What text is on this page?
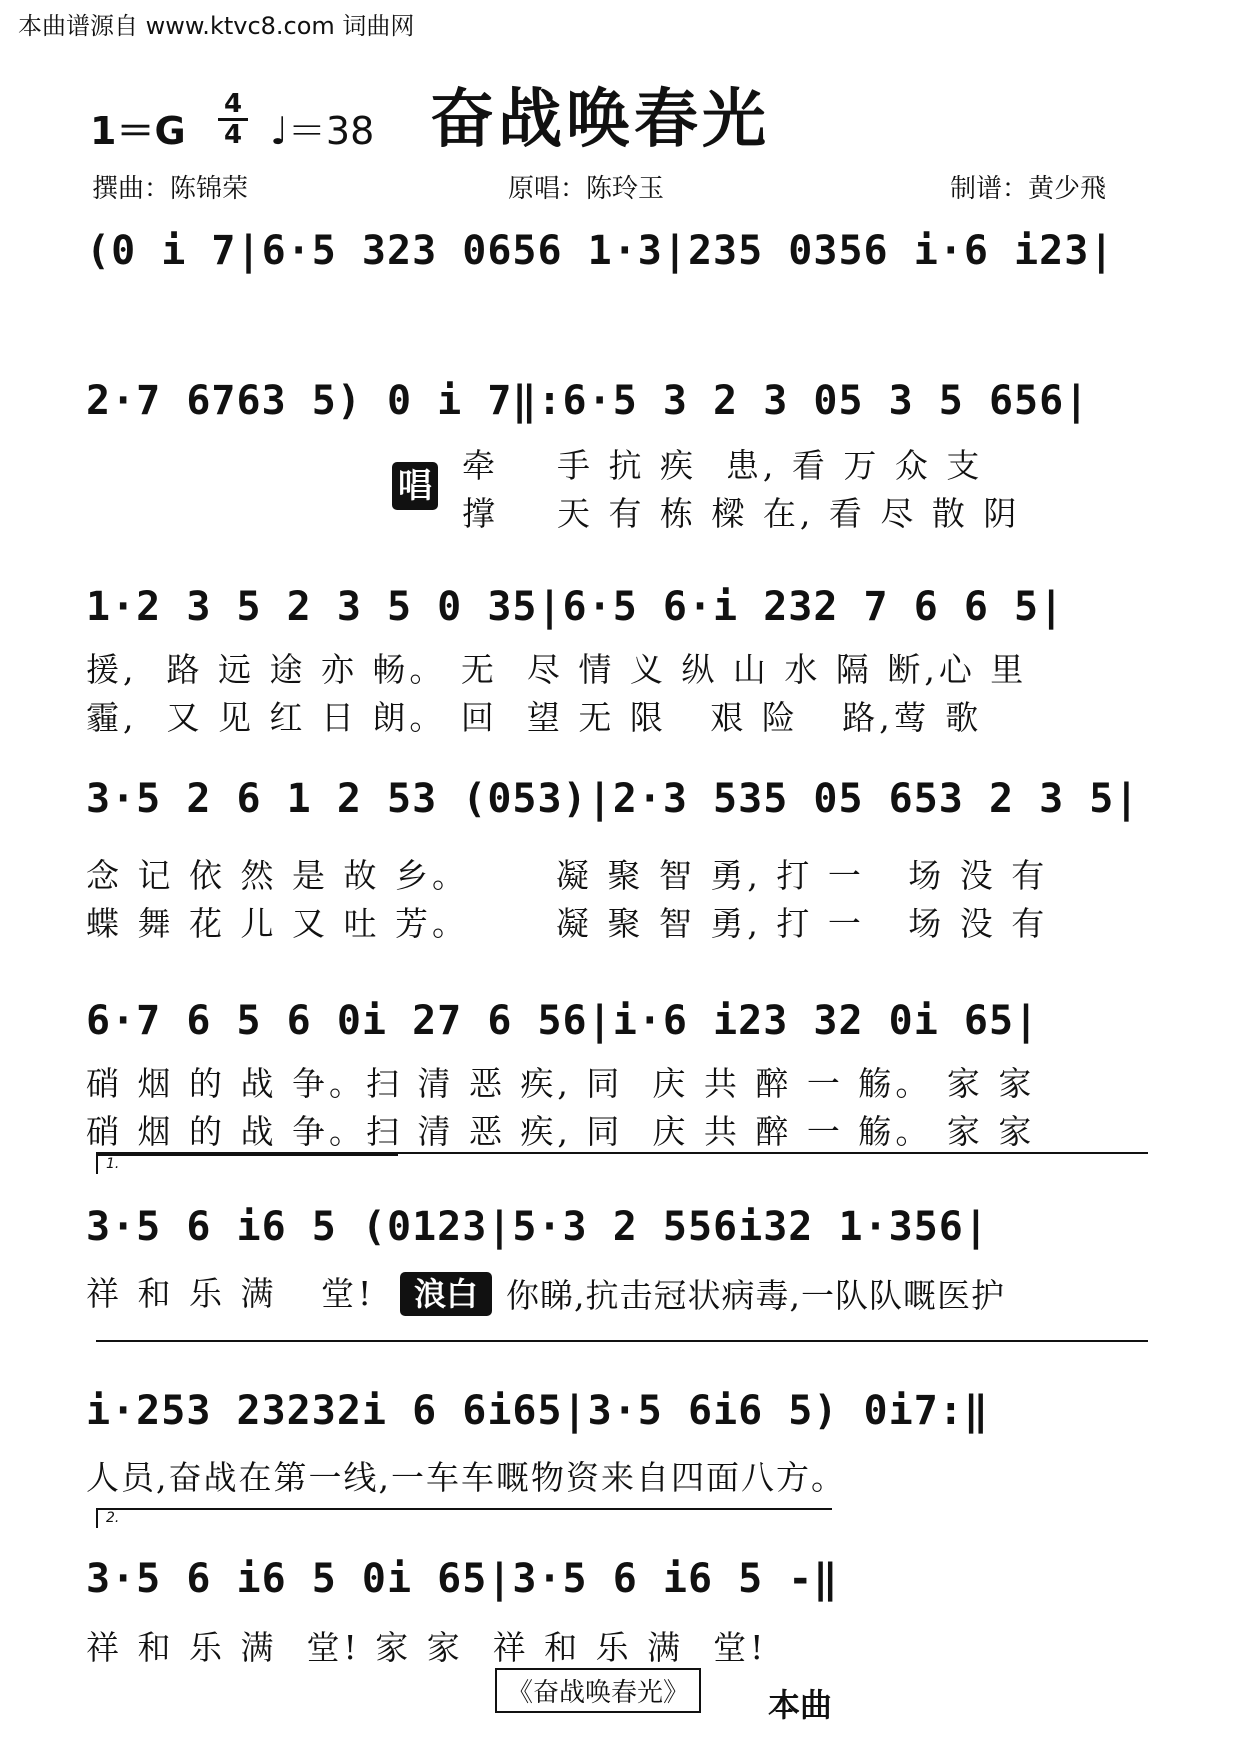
本曲谱源自 www.ktvc8.com 词曲网
1＝G
4
4 ♩＝38 奋战唤春光
撰曲：陈锦荣	原唱：陈玲玉	制谱：黄少飛
(0 i 7|6·5 323 0656 1·3|235 0356 i·6 i23|
2·7 6763 5) 0 i 7‖:6·5 3 2 3 05 3 5 656|
唱
牵    手 抗 疾  患, 看 万 众 支
撑    天 有 栋 樑 在, 看 尽 散 阴
1·2 3 5 2 3 5 0 35|6·5 6·i 232 7 6 6 5|
援,  路 远 途 亦 畅。 无  尽 情 义 纵 山 水 隔 断,心 里
霾,  又 见 红 日 朗。 回  望 无 限   艰 险   路,莺 歌
3·5 2 6 1 2 53 (053)|2·3 535 05 653 2 3 5|
念 记 依 然 是 故 乡。      凝 聚 智 勇, 打 一   场 没 有
蝶 舞 花 儿 又 吐 芳。      凝 聚 智 勇, 打 一   场 没 有
6·7 6 5 6 0i 27 6 56|i·6 i23 32 0i 65|
硝 烟 的 战 争。扫 清 恶 疾, 同  庆 共 醉 一 觞。 家 家
硝 烟 的 战 争。扫 清 恶 疾, 同  庆 共 醉 一 觞。 家 家
1.
3·5 6 i6 5 (0123|5·3 2 556i32 1·356|
祥 和 乐 满   堂!	浪白 你睇,抗击冠状病毒,一队队嘅医护
i·253 23232i 6 6i65|3·5 6i6 5) 0i7:‖
人员,奋战在第一线,一车车嘅物资来自四面八方。
2.
3·5 6 i6 5 0i 65|3·5 6 i6 5 -‖
祥 和 乐 满  堂! 家 家  祥 和 乐 满  堂!
《奋战唤春光》	本曲
